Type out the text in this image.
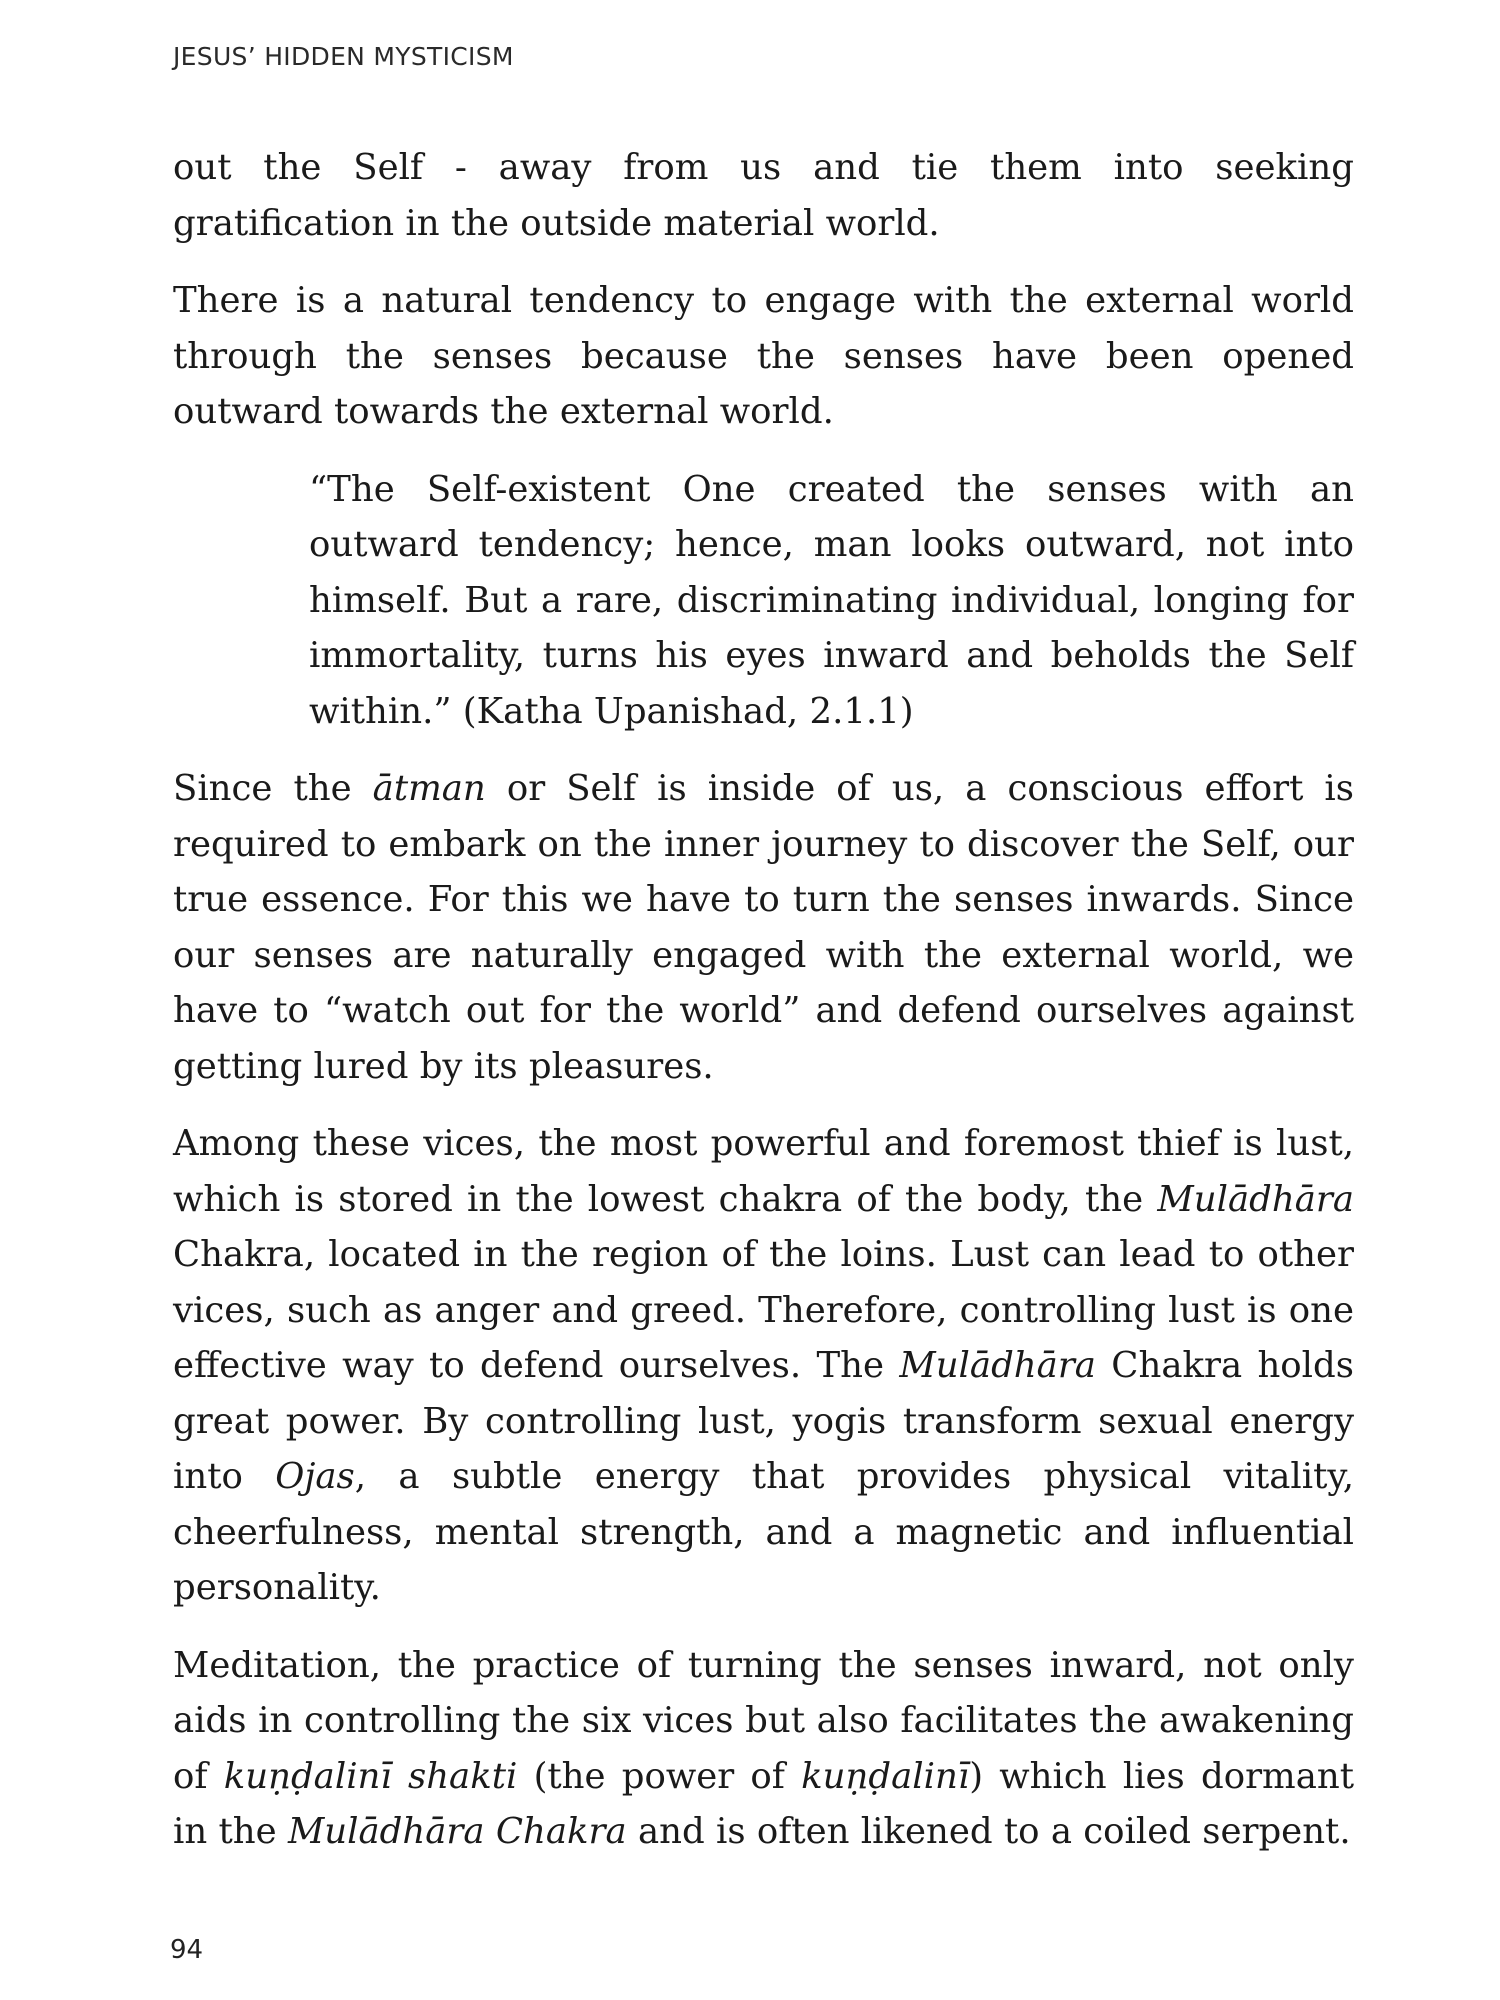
JESUS’ HIDDEN MYSTICISM

out the Self - away from us and tie them into seeking gratification in the outside material world.

There is a natural tendency to engage with the external world through the senses because the senses have been opened outward towards the external world.

“The Self-existent One created the senses with an outward tendency; hence, man looks outward, not into himself. But a rare, discriminating individual, longing for immortality, turns his eyes inward and beholds the Self within.” (Katha Upanishad, 2.1.1)

Since the ātman or Self is inside of us, a conscious effort is required to embark on the inner journey to discover the Self, our true essence. For this we have to turn the senses inwards. Since our senses are naturally engaged with the external world, we have to “watch out for the world” and defend ourselves against getting lured by its pleasures.

Among these vices, the most powerful and foremost thief is lust, which is stored in the lowest chakra of the body, the Mulādhāra Chakra, located in the region of the loins. Lust can lead to other vices, such as anger and greed. Therefore, controlling lust is one effective way to defend ourselves. The Mulādhāra Chakra holds great power. By controlling lust, yogis transform sexual energy into Ojas, a subtle energy that provides physical vitality, cheerfulness, mental strength, and a magnetic and influential personality.

Meditation, the practice of turning the senses inward, not only aids in controlling the six vices but also facilitates the awakening of kuṇḍalinī shakti (the power of kuṇḍalinī) which lies dormant in the Mulādhāra Chakra and is often likened to a coiled serpent.

94
